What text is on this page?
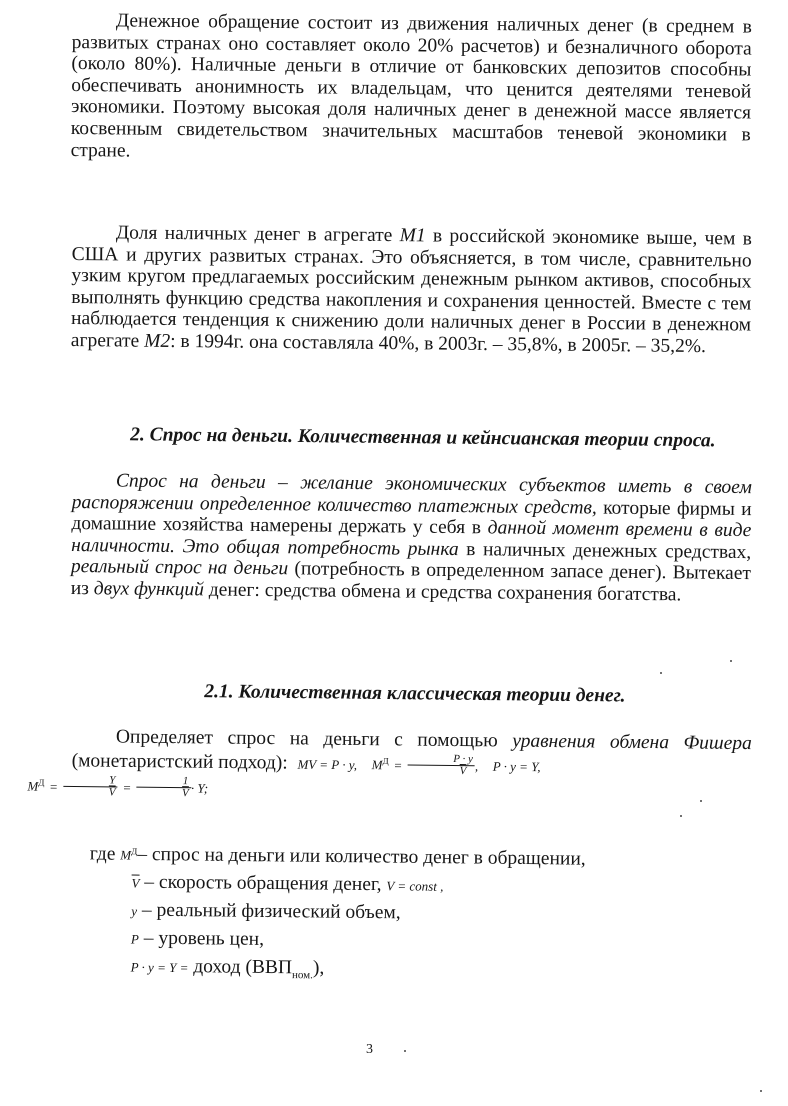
Денежное обращение состоит из движения наличных денег (в среднем в развитых странах оно составляет около 20% расчетов) и безналичного оборота (около 80%). Наличные деньги в отличие от банковских депозитов способны обеспечивать анонимность их владельцам, что ценится деятелями теневой экономики. Поэтому высокая доля наличных денег в денежной массе является косвенным свидетельством значительных масштабов теневой экономики в стране.

Доля наличных денег в агрегате M1 в российской экономике выше, чем в США и других развитых странах. Это объясняется, в том числе, сравнительно узким кругом предлагаемых российским денежным рынком активов, способных выполнять функцию средства накопления и сохранения ценностей. Вместе с тем наблюдается тенденция к снижению доли наличных денег в России в денежном агрегате M2: в 1994г. она составляла 40%, в 2003г. – 35,8%, в 2005г. – 35,2%.

2. Спрос на деньги. Количественная и кейнсианская теории спроса.

Спрос на деньги – желание экономических субъектов иметь в своем распоряжении определенное количество платежных средств, которые фирмы и домашние хозяйства намерены держать у себя в данной момент времени в виде наличности. Это общая потребность рынка в наличных денежных средствах, реальный спрос на деньги (потребность в определенном запасе денег). Вытекает из двух функций денег: средства обмена и средства сохранения богатства.

2.1. Количественная классическая теории денег.

Определяет спрос на деньги с помощью уравнения обмена Фишера (монетаристский подход): MV = P · y, $M^Д = \frac{P \cdot y}{V}$ , P · y = Y,
$M^Д = \frac{Y}{V} = \frac{1}{V} \cdot Y$;

где $M^Д-$ спрос на деньги или количество денег в обращении,
$\overline{V}$ – скорость обращения денег, V = const ,
y – реальный физический объем,
P – уровень цен,
P · y = Y = доход $(ВВП_{ном.})$,
3
